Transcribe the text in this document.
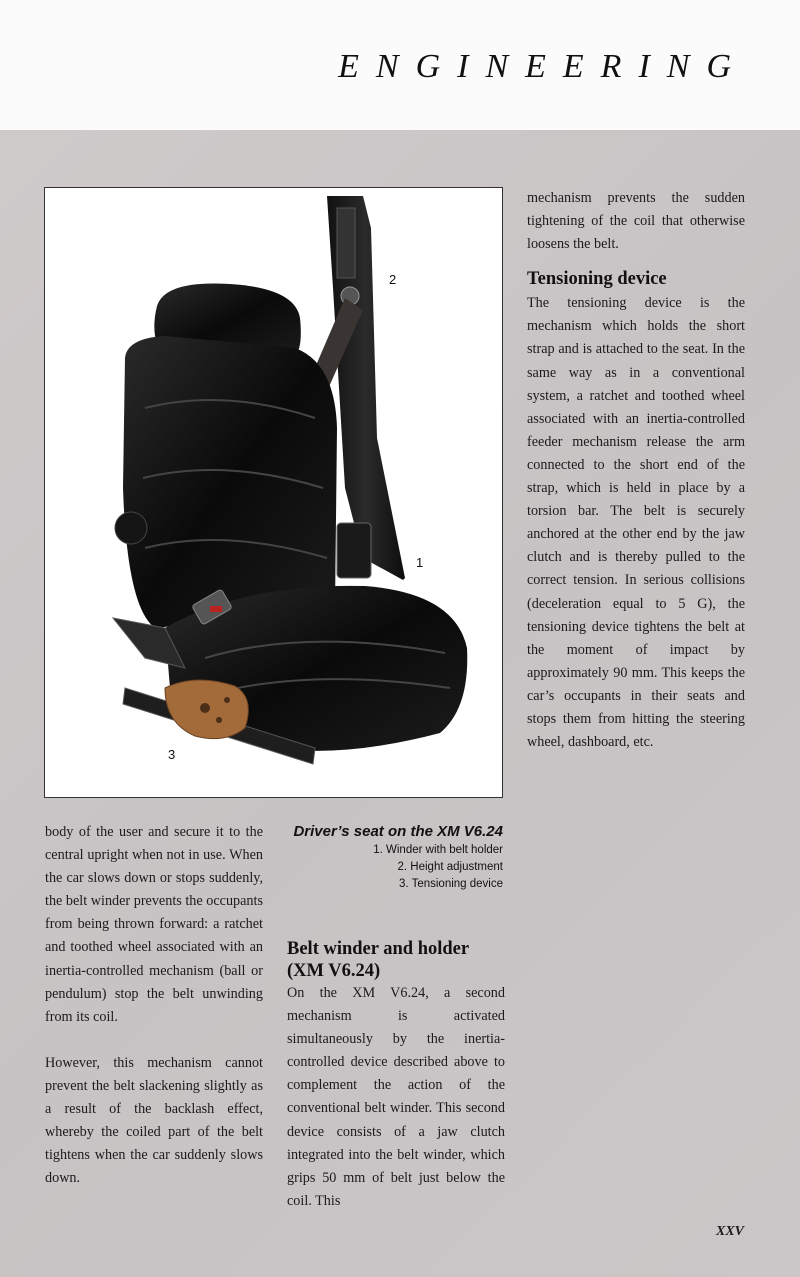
ENGINEERING
2
1
3

mechanism prevents the sudden tightening of the coil that otherwise loosens the belt.

Tensioning device

The tensioning device is the mechanism which holds the short strap and is attached to the seat. In the same way as in a conventional system, a ratchet and toothed wheel associated with an inertia-controlled feeder mechanism release the arm connected to the short end of the strap, which is held in place by a torsion bar. The belt is securely anchored at the other end by the jaw clutch and is thereby pulled to the correct tension. In serious collisions (deceleration equal to 5 G), the tensioning device tightens the belt at the moment of impact by approximately 90 mm. This keeps the car’s occupants in their seats and stops them from hitting the steering wheel, dashboard, etc.

body of the user and secure it to the central upright when not in use. When the car slows down or stops suddenly, the belt winder prevents the occupants from being thrown forward: a ratchet and toothed wheel associated with an inertia-controlled mechanism (ball or pendulum) stop the belt unwinding from its coil.

However, this mechanism cannot prevent the belt slackening slightly as a result of the backlash effect, whereby the coiled part of the belt tightens when the car suddenly slows down.

Driver’s seat on the XM V6.24
1. Winder with belt holder
2. Height adjustment
3. Tensioning device
Belt winder and holder
(XM V6.24)

On the XM V6.24, a second mechanism is activated simultaneously by the inertia-controlled device described above to complement the action of the conventional belt winder. This second device consists of a jaw clutch integrated into the belt winder, which grips 50 mm of belt just below the coil. This

XXV
